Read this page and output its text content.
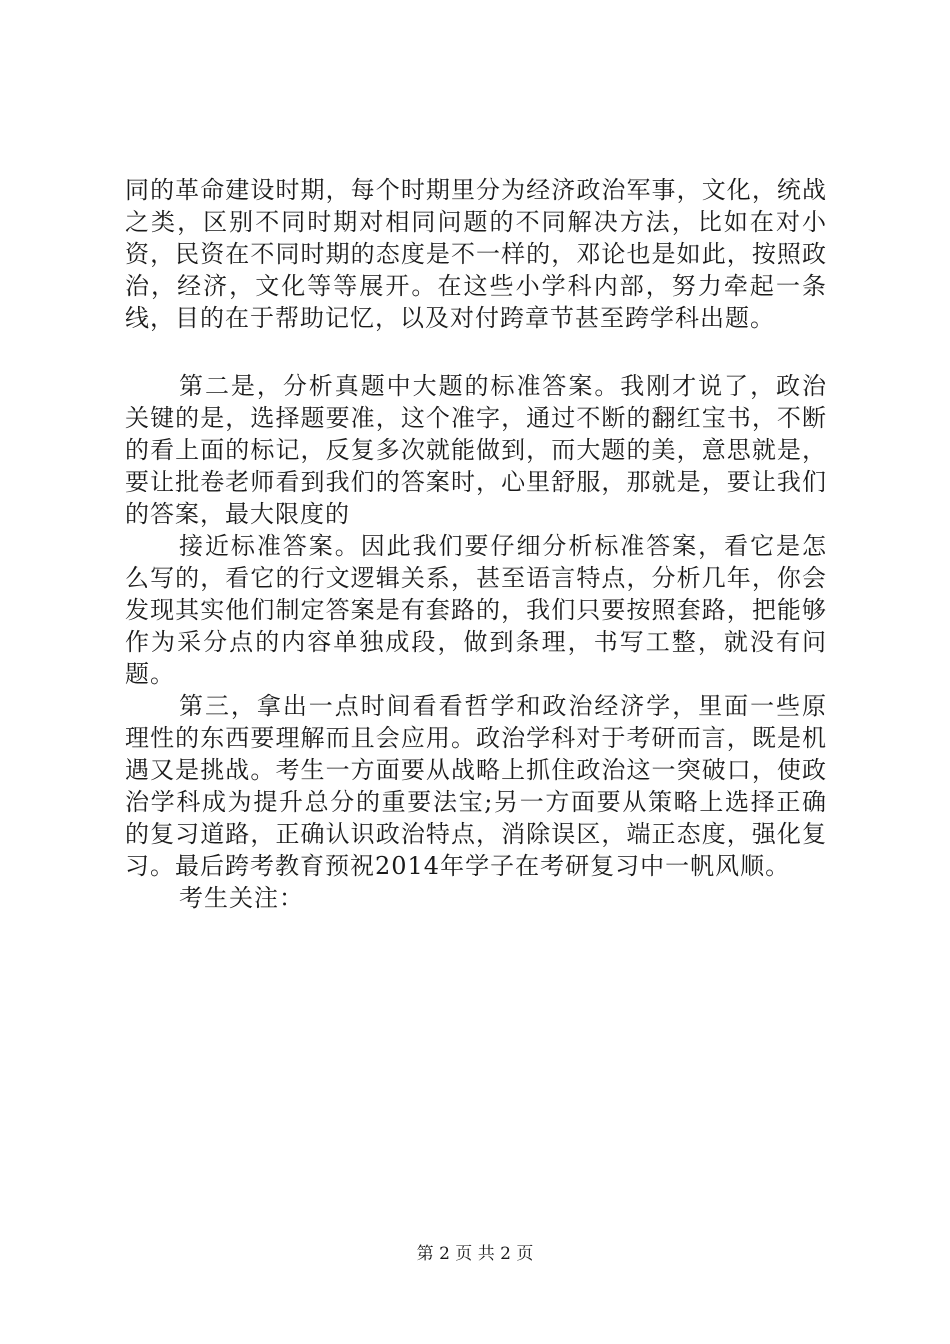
同的革命建设时期，每个时期里分为经济政治军事，文化，统战之类，区别不同时期对相同问题的不同解决方法，比如在对小资，民资在不同时期的态度是不一样的，邓论也是如此，按照政治，经济，文化等等展开。在这些小学科内部，努力牵起一条线，目的在于帮助记忆，以及对付跨章节甚至跨学科出题。

第二是，分析真题中大题的标准答案。我刚才说了，政治关键的是，选择题要准，这个准字，通过不断的翻红宝书，不断的看上面的标记，反复多次就能做到，而大题的美，意思就是，要让批卷老师看到我们的答案时，心里舒服，那就是，要让我们的答案，最大限度的

接近标准答案。因此我们要仔细分析标准答案，看它是怎么写的，看它的行文逻辑关系，甚至语言特点，分析几年，你会发现其实他们制定答案是有套路的，我们只要按照套路，把能够作为采分点的内容单独成段，做到条理，书写工整，就没有问题。

第三，拿出一点时间看看哲学和政治经济学，里面一些原理性的东西要理解而且会应用。政治学科对于考研而言，既是机遇又是挑战。考生一方面要从战略上抓住政治这一突破口，使政治学科成为提升总分的重要法宝;另一方面要从策略上选择正确的复习道路，正确认识政治特点，消除误区，端正态度，强化复习。最后跨考教育预祝2014年学子在考研复习中一帆风顺。

考生关注：

第 2 页 共 2 页
